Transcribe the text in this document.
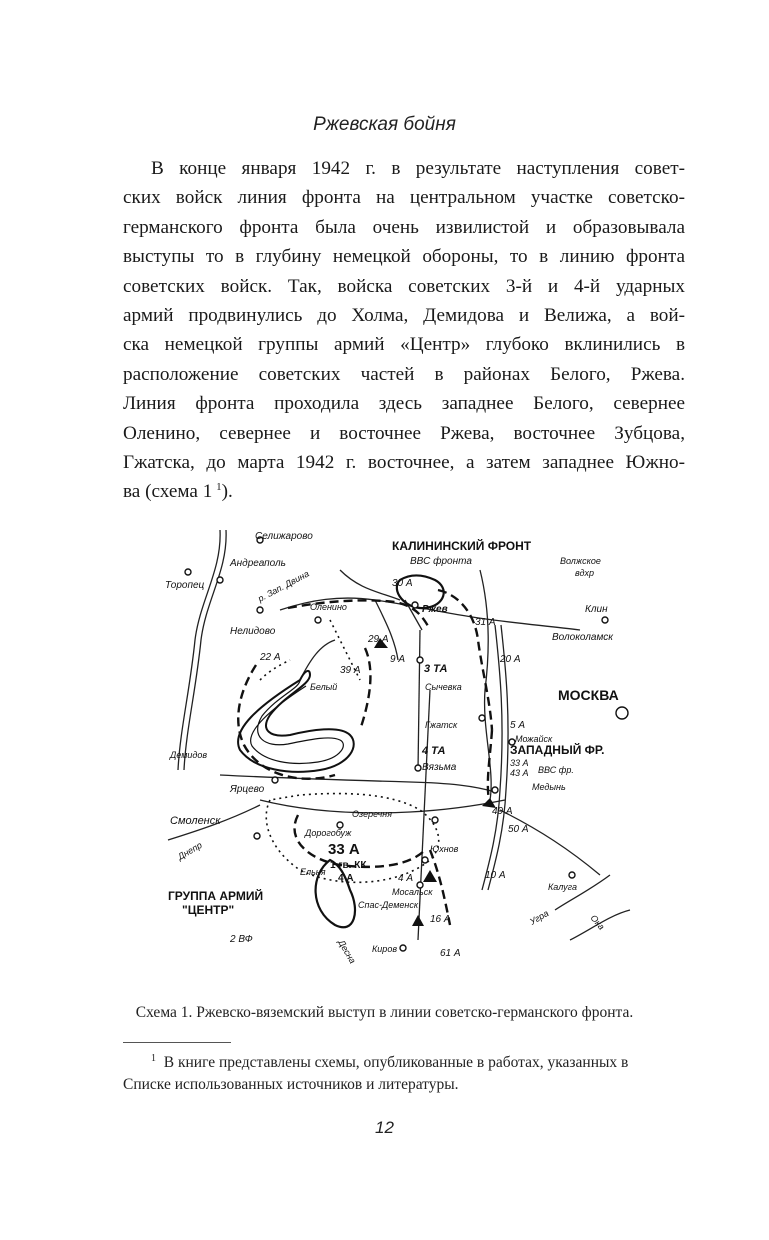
Ржевская бойня
В конце января 1942 г. в результате наступления совет-
ских войск линия фронта на центральном участке советско-
германского фронта была очень извилистой и образовывала
выступы то в глубину немецкой обороны, то в линию фронта
советских войск. Так, войска советских 3-й и 4-й ударных
армий продвинулись до Холма, Демидова и Велижа, а вой-
ска немецкой группы армий «Центр» глубоко вклинились в
расположение советских частей в районах Белого, Ржева.
Линия фронта проходила здесь западнее Белого, севернее
Оленино, севернее и восточнее Ржева, восточнее Зубцова,
Гжатска, до марта 1942 г. восточнее, а затем западнее Южно-
ва (схема 1  $^1$).
Селижарово
КАЛИНИНСКИЙ ФРОНТ
Андреаполь	ВВС фронта	Волжское
вдхр
Торопец	30 А
Клин
р. Зап. Двина
Оленино	Ржев
31 А
Нелидово
29 А	Волоколамск
22 А	9 А	20 А
3 ТА
39 А
Сычевка	МОСКВА
Белый
Гжатск	5 А
Можайск
Демидов	ЗАПАДНЫЙ ФР.
4 ТА
33 А
43 А ВВС фр.
Вязьма
Медынь
Ярцево
49 А
Смоленск
Озеречня
50 А
Дорогобуж
Днепр	Юхнов
33 А
1 гв. КК
10 А
4 А	4 А
Калуга
ГРУППА АРМИЙ
"ЦЕНТР"
Мосальск
Спас-Деменск
16 А
Десна
2 ВФ
Киров	61 А
Ока
Угра
Ельня
Схема 1. Ржевско-вяземский выступ в линии советско-германского фронта.
$^1$ В книге представлены схемы, опубликованные в работах, указанных в
Списке использованных источников и литературы.
12
